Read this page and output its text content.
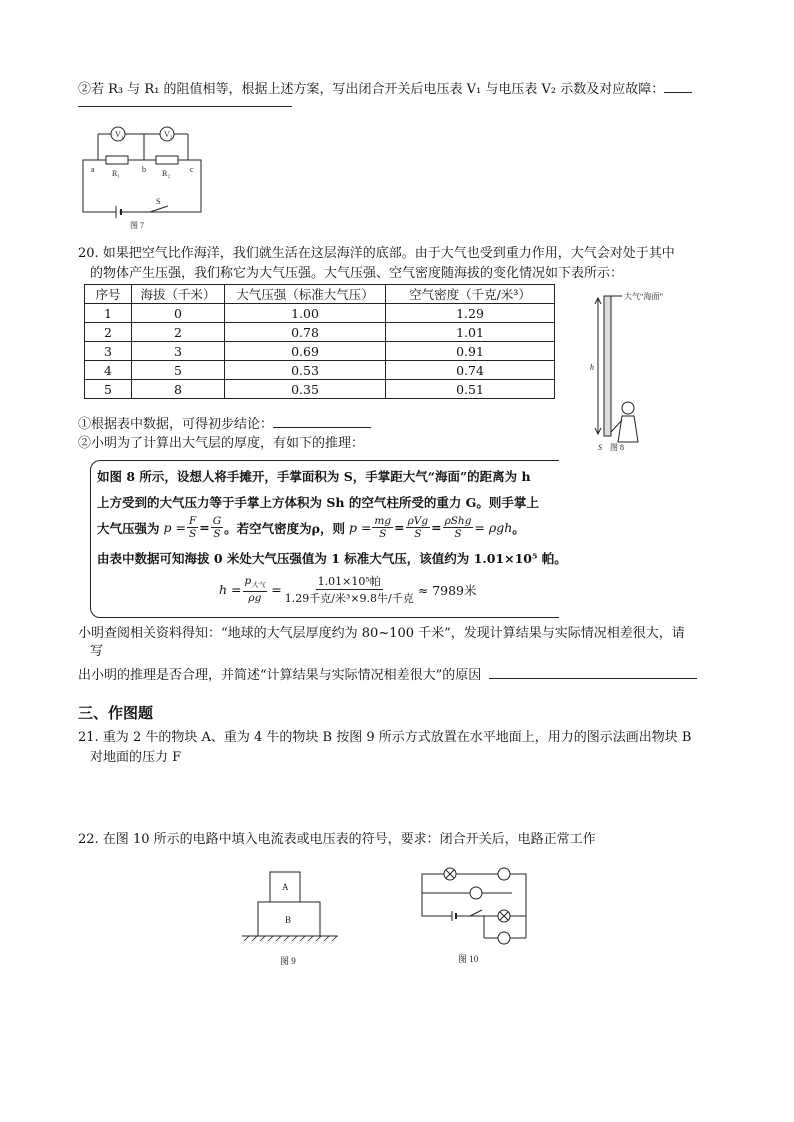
②若 R₃ 与 R₁ 的阻值相等，根据上述方案，写出闭合开关后电压表 V₁ 与电压表 V₂ 示数及对应故障：
V₁	V₂
a	b	c
R₁	R₂
S
图 7
20. 如果把空气比作海洋，我们就生活在这层海洋的底部。由于大气也受到重力作用，大气会对处于其中
的物体产生压强，我们称它为大气压强。大气压强、空气密度随海拔的变化情况如下表所示：
序号	海拔（千米）	大气压强（标准大气压）	空气密度（千克/米³）
1	0	1.00	1.29
2	2	0.78	1.01
3	3	0.69	0.91
4	5	0.53	0.74
5	8	0.35	0.51
大气“海面”
h
S 图 8
①根据表中数据，可得初步结论：
②小明为了计算出大气层的厚度，有如下的推理：
如图 8 所示，设想人将手摊开，手掌面积为 S，手掌距大气“海面”的距离为 h
上方受到的大气压力等于手掌上方体积为 Sh 的空气柱所受的重力 G。则手掌上
大气压强为 $p = \frac{F}{S} = \frac{G}{S}$ 。若空气密度为ρ，则 $p = \frac{mg}{S} = \frac{\text{ρVg}}{S} = \frac{\text{ρShg}}{S} = \rho gh$ 。
由表中数据可知海拔 0 米处大气压强值为 1 标准大气压，该值约为 1.01×10⁵ 帕。
$h = \frac{p_{大气}}{\rho g}$ =
1.01×10⁵帕
1.29千克/米³×9.8牛/千克
≈ 7989米
小明查阅相关资料得知：“地球的大气层厚度约为 80~100 千米”，发现计算结果与实际情况相差很大，请
写
出小明的推理是否合理，并简述“计算结果与实际情况相差很大”的原因
三、作图题
21. 重为 2 牛的物块 A、重为 4 牛的物块 B 按图 9 所示方式放置在水平地面上，用力的图示法画出物块 B
对地面的压力 F
22. 在图 10 所示的电路中填入电流表或电压表的符号，要求：闭合开关后，电路正常工作
A
B
图 9	图 10
